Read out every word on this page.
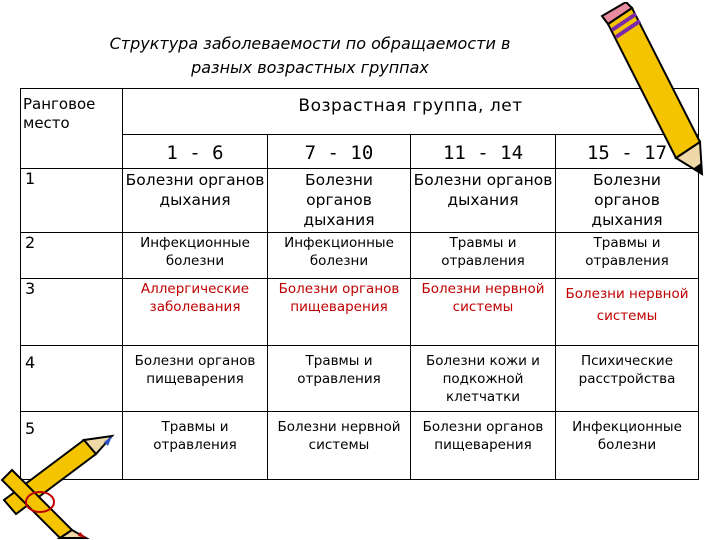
Структура заболеваемости по обращаемости в
разных возрастных группах
Ранговое место	Возрастная группа, лет			
	1 - 6	7 - 10	11 - 14	15 - 17
1	Болезни органов дыхания	Болезни органов дыхания	Болезни органов дыхания	Болезни органов дыхания
2	Инфекционные болезни	Инфекционные болезни	Травмы и отравления	Травмы и отравления
3	Аллергические заболевания	Болезни органов пищеварения	Болезни нервной системы	Болезни нервной системы
4	Болезни органов пищеварения	Травмы и отравления	Болезни кожи и подкожной клетчатки	Психические расстройства
5	Травмы и отравления	Болезни нервной системы	Болезни органов пищеварения	Инфекционные болезни
